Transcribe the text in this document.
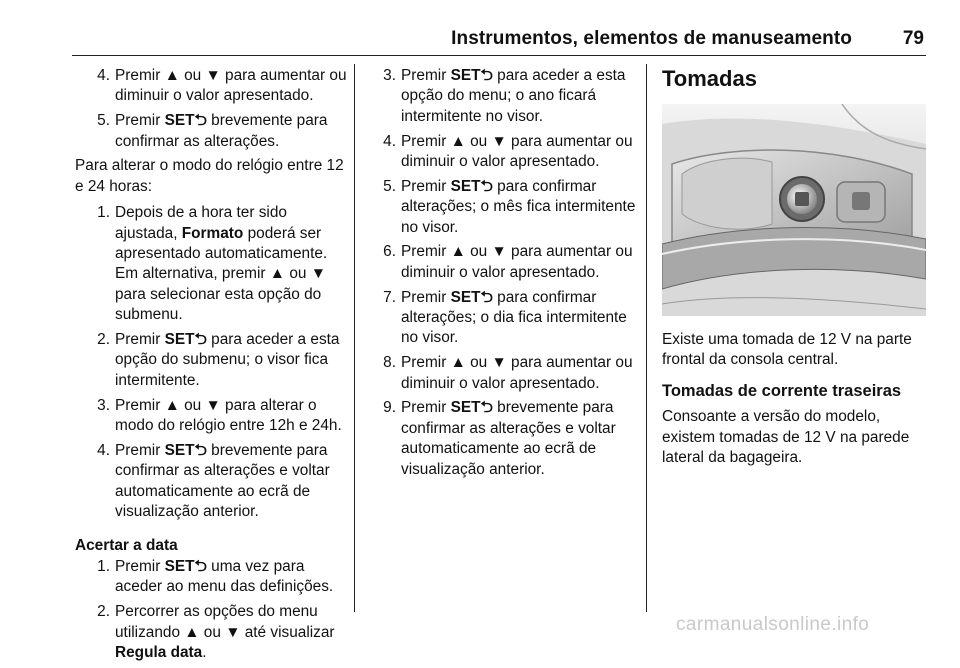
Instrumentos, elementos de manuseamento	79
4. Premir ▲ ou ▼ para aumentar ou diminuir o valor apresentado.
5. Premir SET⮌ brevemente para confirmar as alterações.
Para alterar o modo do relógio entre 12 e 24 horas:
1. Depois de a hora ter sido ajustada, Formato poderá ser apresentado automaticamente. Em alternativa, premir ▲ ou ▼ para selecionar esta opção do submenu.
2. Premir SET⮌ para aceder a esta opção do submenu; o visor fica intermitente.
3. Premir ▲ ou ▼ para alterar o modo do relógio entre 12h e 24h.
4. Premir SET⮌ brevemente para confirmar as alterações e voltar automaticamente ao ecrã de visualização anterior.
Acertar a data
1. Premir SET⮌ uma vez para aceder ao menu das definições.
2. Percorrer as opções do menu utilizando ▲ ou ▼ até visualizar Regula data.
3. Premir SET⮌ para aceder a esta opção do menu; o ano ficará intermitente no visor.
4. Premir ▲ ou ▼ para aumentar ou diminuir o valor apresentado.
5. Premir SET⮌ para confirmar alterações; o mês fica intermitente no visor.
6. Premir ▲ ou ▼ para aumentar ou diminuir o valor apresentado.
7. Premir SET⮌ para confirmar alterações; o dia fica intermitente no visor.
8. Premir ▲ ou ▼ para aumentar ou diminuir o valor apresentado.
9. Premir SET⮌ brevemente para confirmar as alterações e voltar automaticamente ao ecrã de visualização anterior.
Tomadas
Existe uma tomada de 12 V na parte frontal da consola central.
Tomadas de corrente traseiras
Consoante a versão do modelo, existem tomadas de 12 V na parede lateral da bagageira.
carmanualsonline.info
